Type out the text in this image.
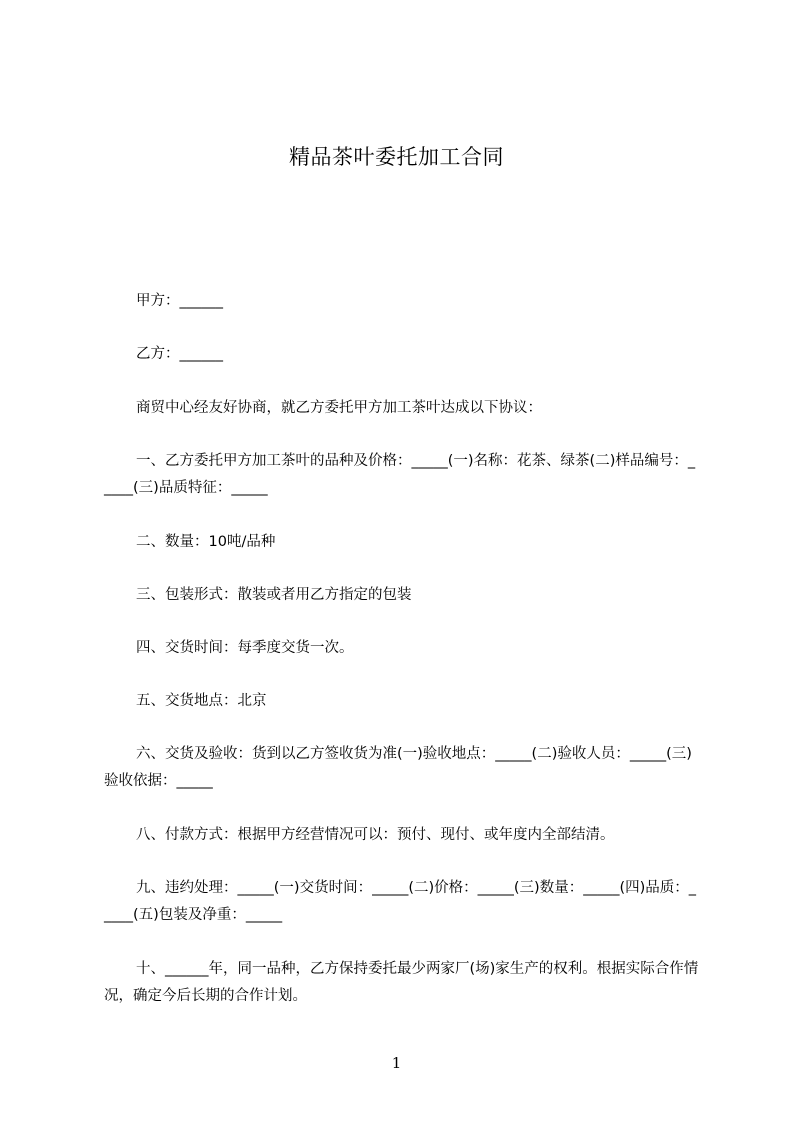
精品茶叶委托加工合同
甲方：______
乙方：______
商贸中心经友好协商，就乙方委托甲方加工茶叶达成以下协议：
一、乙方委托甲方加工茶叶的品种及价格：_____(一)名称：花茶、绿茶(二)样品编号：_____(三)品质特征：_____
二、数量：10吨/品种
三、包装形式：散装或者用乙方指定的包装
四、交货时间：每季度交货一次。
五、交货地点：北京
六、交货及验收：货到以乙方签收货为准(一)验收地点：_____(二)验收人员：_____(三)验收依据：_____
八、付款方式：根据甲方经营情况可以：预付、现付、或年度内全部结清。
九、违约处理：_____(一)交货时间：_____(二)价格：_____(三)数量：_____(四)品质：_____(五)包装及净重：_____
十、______年，同一品种，乙方保持委托最少两家厂(场)家生产的权利。根据实际合作情况，确定今后长期的合作计划。
1
